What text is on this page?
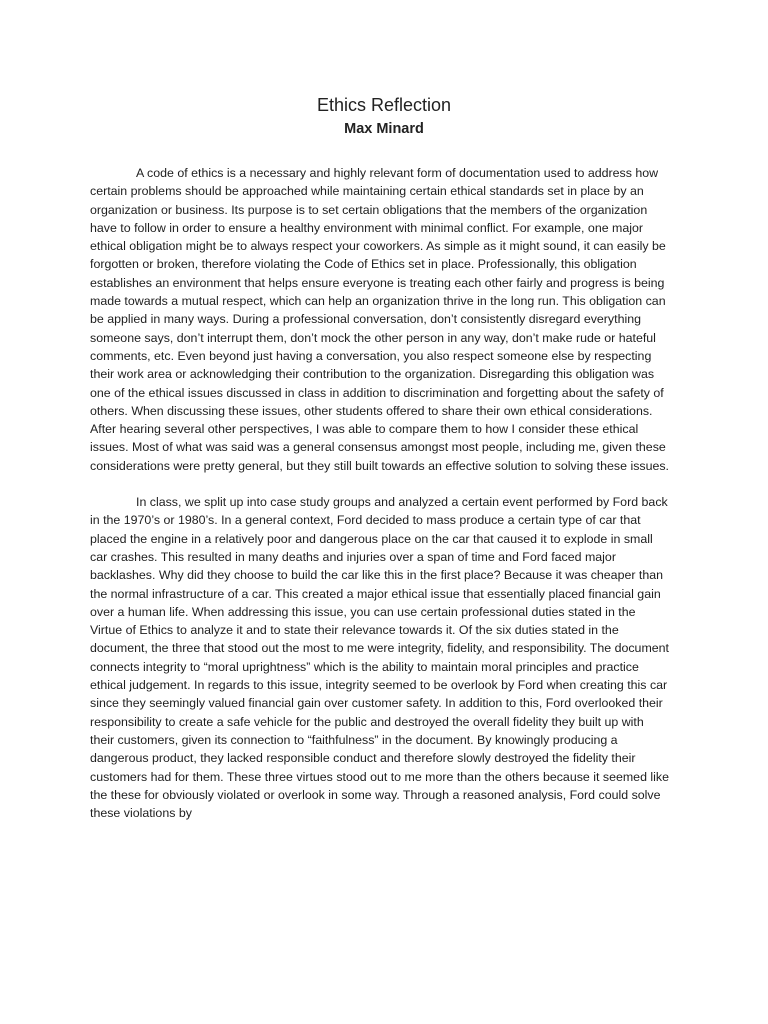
Ethics Reflection
Max Minard

A code of ethics is a necessary and highly relevant form of documentation used to address how certain problems should be approached while maintaining certain ethical standards set in place by an organization or business. Its purpose is to set certain obligations that the members of the organization have to follow in order to ensure a healthy environment with minimal conflict. For example, one major ethical obligation might be to always respect your coworkers. As simple as it might sound, it can easily be forgotten or broken, therefore violating the Code of Ethics set in place. Professionally, this obligation establishes an environment that helps ensure everyone is treating each other fairly and progress is being made towards a mutual respect, which can help an organization thrive in the long run. This obligation can be applied in many ways. During a professional conversation, don’t consistently disregard everything someone says, don’t interrupt them, don’t mock the other person in any way, don’t make rude or hateful comments, etc. Even beyond just having a conversation, you also respect someone else by respecting their work area or acknowledging their contribution to the organization. Disregarding this obligation was one of the ethical issues discussed in class in addition to discrimination and forgetting about the safety of others. When discussing these issues, other students offered to share their own ethical considerations. After hearing several other perspectives, I was able to compare them to how I consider these ethical issues. Most of what was said was a general consensus amongst most people, including me, given these considerations were pretty general, but they still built towards an effective solution to solving these issues.

In class, we split up into case study groups and analyzed a certain event performed by Ford back in the 1970’s or 1980’s. In a general context, Ford decided to mass produce a certain type of car that placed the engine in a relatively poor and dangerous place on the car that caused it to explode in small car crashes. This resulted in many deaths and injuries over a span of time and Ford faced major backlashes. Why did they choose to build the car like this in the first place? Because it was cheaper than the normal infrastructure of a car. This created a major ethical issue that essentially placed financial gain over a human life. When addressing this issue, you can use certain professional duties stated in the Virtue of Ethics to analyze it and to state their relevance towards it. Of the six duties stated in the document, the three that stood out the most to me were integrity, fidelity, and responsibility. The document connects integrity to “moral uprightness” which is the ability to maintain moral principles and practice ethical judgement. In regards to this issue, integrity seemed to be overlook by Ford when creating this car since they seemingly valued financial gain over customer safety. In addition to this, Ford overlooked their responsibility to create a safe vehicle for the public and destroyed the overall fidelity they built up with their customers, given its connection to “faithfulness” in the document. By knowingly producing a dangerous product, they lacked responsible conduct and therefore slowly destroyed the fidelity their customers had for them. These three virtues stood out to me more than the others because it seemed like the these for obviously violated or overlook in some way. Through a reasoned analysis, Ford could solve these violations by
